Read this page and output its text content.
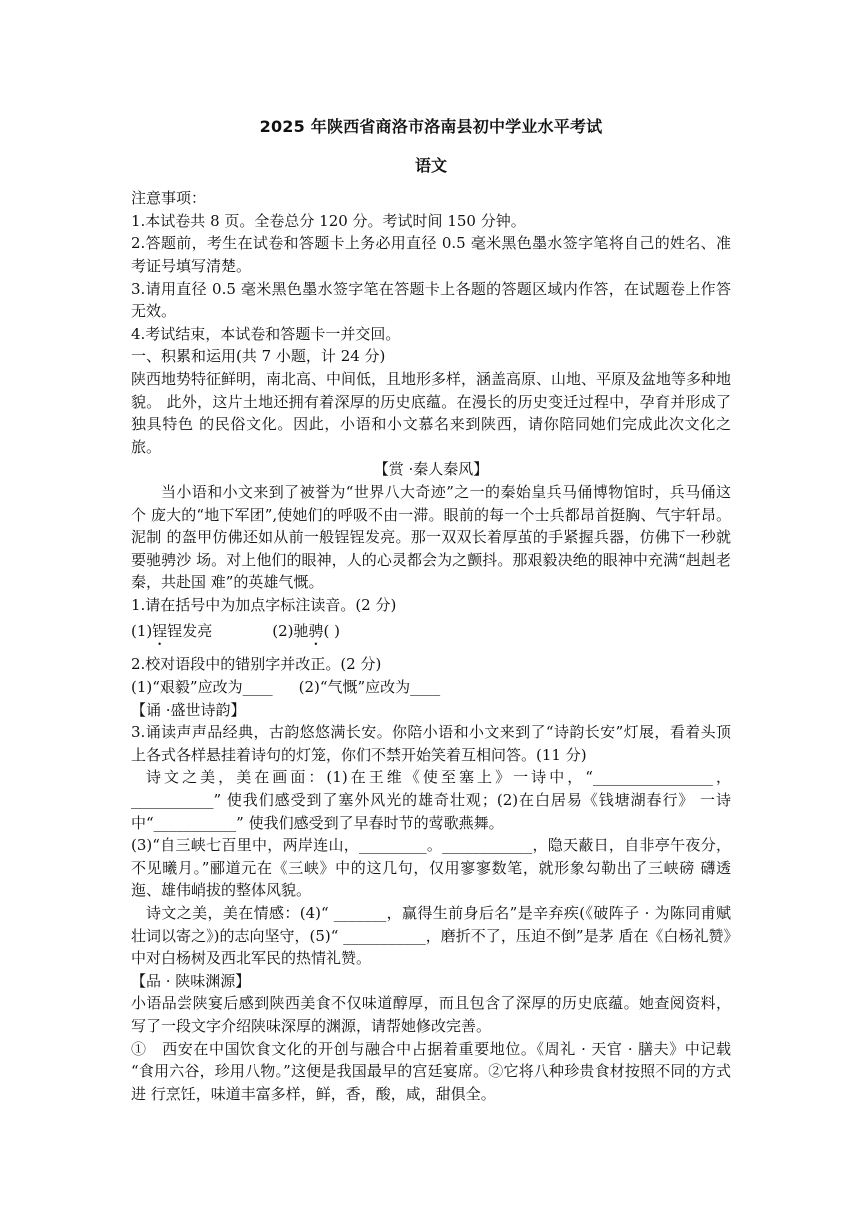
2025 年陕西省商洛市洛南县初中学业水平考试
语文

注意事项：

1.本试卷共 8 页。全卷总分 120 分。考试时间 150 分钟。

2.答题前，考生在试卷和答题卡上务必用直径 0.5 毫米黑色墨水签字笔将自己的姓名、准 考证号填写清楚。

3.请用直径 0.5 毫米黑色墨水签字笔在答题卡上各题的答题区域内作答，在试题卷上作答无效。

4.考试结束，本试卷和答题卡一并交回。

一、积累和运用(共 7 小题，计 24 分)

陕西地势特征鲜明，南北高、中间低，且地形多样，涵盖高原、山地、平原及盆地等多种地貌。 此外，这片土地还拥有着深厚的历史底蕴。在漫长的历史变迁过程中，孕育并形成了独具特色 的民俗文化。因此，小语和小文慕名来到陕西，请你陪同她们完成此次文化之旅。

【赏 ·秦人秦风】

当小语和小文来到了被誉为“世界八大奇迹”之一的秦始皇兵马俑博物馆时，兵马俑这个 庞大的“地下军团”,使她们的呼吸不由一滞。眼前的每一个士兵都昂首挺胸、气宇轩昂。泥制 的盔甲仿佛还如从前一般锃锃发亮。那一双双长着厚茧的手紧握兵器，仿佛下一秒就要驰骋沙 场。对上他们的眼神，人的心灵都会为之颤抖。那艰毅决绝的眼神中充满“赳赳老秦，共赴国 难”的英雄气慨。

1.请在括号中为加点字标注读音。(2 分)

(1)锃锃发亮	(2)驰骋( )

2.校对语段中的错别字并改正。(2 分)

(1)“艰毅”应改为____ (2)“气慨”应改为____

【诵 ·盛世诗韵】

3.诵读声声品经典，古韵悠悠满长安。你陪小语和小文来到了“诗韵长安”灯展，看着头顶 上各式各样悬挂着诗句的灯笼，你们不禁开始笑着互相问答。(11 分)

诗文之美，美在画面：(1)在王维《使至塞上》一诗中，“________________，___________” 使我们感受到了塞外风光的雄奇壮观；(2)在白居易《钱塘湖春行》 一诗中“___________” 使我们感受到了早春时节的莺歌燕舞。

(3)“自三峡七百里中，两岸连山，_________。____________，隐天蔽日，自非亭午夜分，不见曦月。”郦道元在《三峡》中的这几句，仅用寥寥数笔，就形象勾勒出了三峡磅 礴透迤、雄伟峭拔的整体风貌。

诗文之美，美在情感：(4)“ _______，赢得生前身后名”是辛弃疾(《破阵子 · 为陈同甫赋壮词以寄之》)的志向坚守，(5)“ ___________，磨折不了，压迫不倒”是茅 盾在《白杨礼赞》中对白杨树及西北军民的热情礼赞。

【品 · 陕味渊源】

小语品尝陕宴后感到陕西美食不仅味道醇厚，而且包含了深厚的历史底蕴。她查阅资料， 写了一段文字介绍陕味深厚的渊源，请帮她修改完善。

①　西安在中国饮食文化的开创与融合中占据着重要地位。《周礼 · 天官 · 膳夫》中记载 “食用六谷，珍用八物。”这便是我国最早的宫廷宴席。②它将八种珍贵食材按照不同的方式进 行烹饪，味道丰富多样，鲜，香，酸，咸，甜俱全。
